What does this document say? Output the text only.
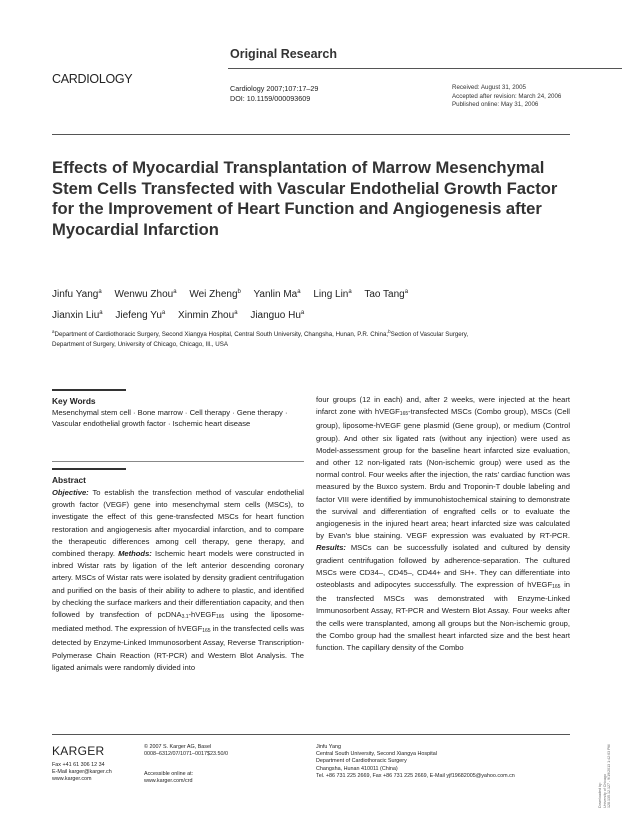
Original Research
CARDIOLOGY
Cardiology 2007;107:17–29
DOI: 10.1159/000093609
Received: August 31, 2005
Accepted after revision: March 24, 2006
Published online: May 31, 2006
Effects of Myocardial Transplantation of Marrow Mesenchymal Stem Cells Transfected with Vascular Endothelial Growth Factor for the Improvement of Heart Function and Angiogenesis after Myocardial Infarction
Jinfu Yang$^a$ Wenwu Zhou$^a$ Wei Zheng$^b$ Yanlin Ma$^a$ Ling Lin$^a$ Tao Tang$^a$
Jianxin Liu$^a$ Jiefeng Yu$^a$ Xinmin Zhou$^a$ Jianguo Hu$^a$
$^a$Department of Cardiothoracic Surgery, Second Xiangya Hospital, Central South University, Changsha, Hunan, P.R. China;$^b$Section of Vascular Surgery, Department of Surgery, University of Chicago, Chicago, Ill., USA
Key Words
Mesenchymal stem cell · Bone marrow · Cell therapy · Gene therapy · Vascular endothelial growth factor · Ischemic heart disease
Abstract
Objective: To establish the transfection method of vascular endothelial growth factor (VEGF) gene into mesenchymal stem cells (MSCs), to investigate the effect of this gene-transfected MSCs for heart function restoration and angiogenesis after myocardial infarction, and to compare the therapeutic differences among cell therapy, gene therapy, and combined therapy. Methods: Ischemic heart models were constructed in inbred Wistar rats by ligation of the left anterior descending coronary artery. MSCs of Wistar rats were isolated by density gradient centrifugation and purified on the basis of their ability to adhere to plastic, and identified by checking the surface markers and their differentiation capacity, and then followed by transfection of pcDNA$_{3.1}$-hVEGF$_{165}$ using the liposome-mediated method. The expression of hVEGF$_{165}$ in the transfected cells was detected by Enzyme-Linked Immunosorbent Assay, Reverse Transcription-Polymerase Chain Reaction (RT-PCR) and Western Blot Analysis. The ligated animals were randomly divided into
four groups (12 in each) and, after 2 weeks, were injected at the heart infarct zone with hVEGF$_{165}$-transfected MSCs (Combo group), MSCs (Cell group), liposome-hVEGF gene plasmid (Gene group), or medium (Control group). And other six ligated rats (without any injection) were used as Model-assessment group for the baseline heart infarcted size evaluation, and other 12 non-ligated rats (Non-ischemic group) were used as the normal control. Four weeks after the injection, the rats’ cardiac function was measured by the Buxco system. Brdu and Troponin-T double labeling and factor VIII were identified by immunohistochemical staining to demonstrate the survival and differentiation of engrafted cells or to evaluate the angiogenesis in the injured heart area; heart infarcted size was calculated by Evan’s blue staining. VEGF expression was evaluated by RT-PCR. Results: MSCs can be successfully isolated and cultured by density gradient centrifugation followed by adherence-separation. The cultured MSCs were CD34–, CD45–, CD44+ and SH+. They can differentiate into osteoblasts and adipocytes successfully. The expression of hVEGF$_{165}$ in the transfected MSCs was demonstrated with Enzyme-Linked Immunosorbent Assay, RT-PCR and Western Blot Assay. Four weeks after the cells were transplanted, among all groups but the Non-ischemic group, the Combo group had the smallest heart infarcted size and the best heart function. The capillary density of the Combo
KARGER
Fax +41 61 306 12 34
E-Mail karger@karger.ch
www.karger.com
© 2007 S. Karger AG, Basel
0008–6312/07/1071–0017$23.50/0
Accessible online at:
www.karger.com/crd
Jinfu Yang
Central South University, Second Xiangya Hospital
Department of Cardiothoracic Surgery
Changsha, Hunan 410011 (China)
Tel. +86 731 225 2669, Fax +86 731 225 2669, E-Mail yjf19682005@yahoo.com.cn
Downloaded by: University of Chicago 128.135.12.127 - 9/19/2013 1:42:03 PM
